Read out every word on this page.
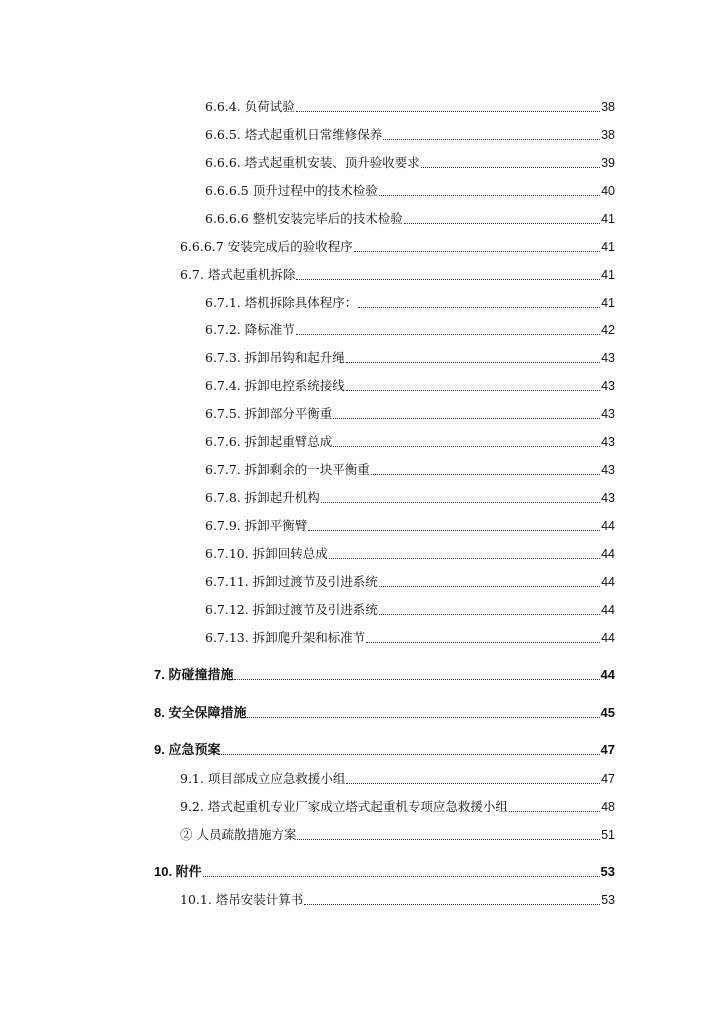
6.6.4. 负荷试验	38
6.6.5. 塔式起重机日常维修保养	38
6.6.6. 塔式起重机安装、顶升验收要求	39
6.6.6.5 顶升过程中的技术检验	40
6.6.6.6 整机安装完毕后的技术检验	41
6.6.6.7 安装完成后的验收程序	41
6.7. 塔式起重机拆除	41
6.7.1. 塔机拆除具体程序：	41
6.7.2. 降标准节	42
6.7.3. 拆卸吊钩和起升绳	43
6.7.4. 拆卸电控系统接线	43
6.7.5. 拆卸部分平衡重	43
6.7.6. 拆卸起重臂总成	43
6.7.7. 拆卸剩余的一块平衡重	43
6.7.8. 拆卸起升机构	43
6.7.9. 拆卸平衡臂	44
6.7.10. 拆卸回转总成	44
6.7.11. 拆卸过渡节及引进系统	44
6.7.12. 拆卸过渡节及引进系统	44
6.7.13. 拆卸爬升架和标准节	44
7. 防碰撞措施	44
8. 安全保障措施	45
9. 应急预案	47
9.1. 项目部成立应急救援小组	47
9.2. 塔式起重机专业厂家成立塔式起重机专项应急救援小组	48
② 人员疏散措施方案	51
10. 附件	53
10.1. 塔吊安装计算书	53
